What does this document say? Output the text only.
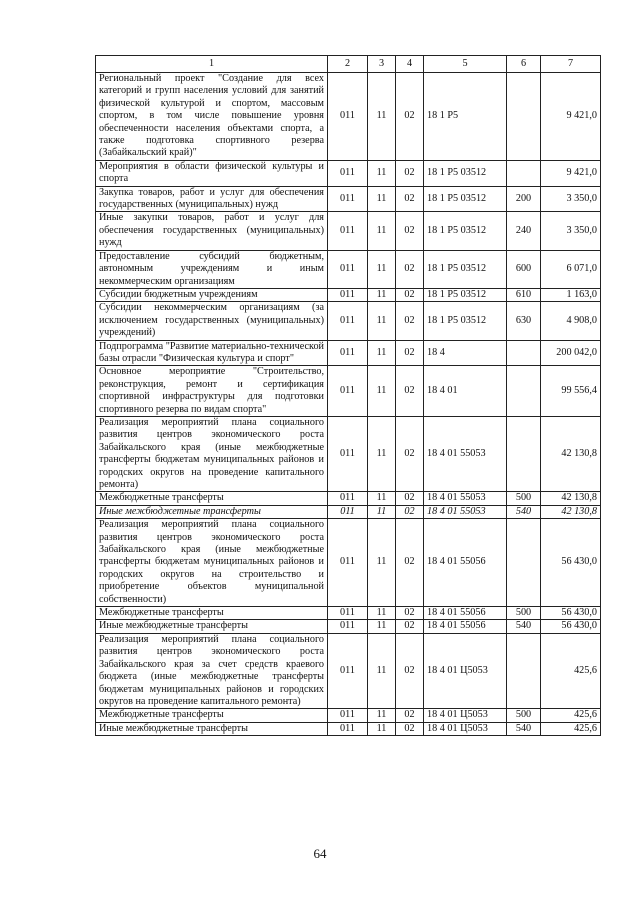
1	2	3	4	5	6	7
Региональный проект "Создание для всех категорий и групп населения условий для занятий физической культурой и спортом, массовым спортом, в том числе повышение уровня обеспеченности населения объектами спорта, а также подготовка спортивного резерва (Забайкальский край)"	011	11	02	18 1 P5		9 421,0
Мероприятия в области физической культуры и спорта	011	11	02	18 1 P5 03512		9 421,0
Закупка товаров, работ и услуг для обеспечения государственных (муниципальных) нужд	011	11	02	18 1 P5 03512	200	3 350,0
Иные закупки товаров, работ и услуг для обеспечения государственных (муниципальных) нужд	011	11	02	18 1 P5 03512	240	3 350,0
Предоставление субсидий бюджетным, автономным учреждениям и иным некоммерческим организациям	011	11	02	18 1 P5 03512	600	6 071,0
Субсидии бюджетным учреждениям	011	11	02	18 1 P5 03512	610	1 163,0
Субсидии некоммерческим организациям (за исключением государственных (муниципальных) учреждений)	011	11	02	18 1 P5 03512	630	4 908,0
Подпрограмма "Развитие материально-технической базы отрасли "Физическая культура и спорт"	011	11	02	18 4		200 042,0
Основное мероприятие "Строительство, реконструкция, ремонт и сертификация спортивной инфраструктуры для подготовки спортивного резерва по видам спорта"	011	11	02	18 4 01		99 556,4
Реализация мероприятий плана социального развития центров экономического роста Забайкальского края (иные межбюджетные трансферты бюджетам муниципальных районов и городских округов на проведение капитального ремонта)	011	11	02	18 4 01 55053		42 130,8
Межбюджетные трансферты	011	11	02	18 4 01 55053	500	42 130,8
Иные межбюджетные трансферты	011	11	02	18 4 01 55053	540	42 130,8
Реализация мероприятий плана социального развития центров экономического роста Забайкальского края (иные межбюджетные трансферты бюджетам муниципальных районов и городских округов на строительство и приобретение объектов муниципальной собственности)	011	11	02	18 4 01 55056		56 430,0
Межбюджетные трансферты	011	11	02	18 4 01 55056	500	56 430,0
Иные межбюджетные трансферты	011	11	02	18 4 01 55056	540	56 430,0
Реализация мероприятий плана социального развития центров экономического роста Забайкальского края за счет средств краевого бюджета (иные межбюджетные трансферты бюджетам муниципальных районов и городских округов на проведение капитального ремонта)	011	11	02	18 4 01 Ц5053		425,6
Межбюджетные трансферты	011	11	02	18 4 01 Ц5053	500	425,6
Иные межбюджетные трансферты	011	11	02	18 4 01 Ц5053	540	425,6
64
